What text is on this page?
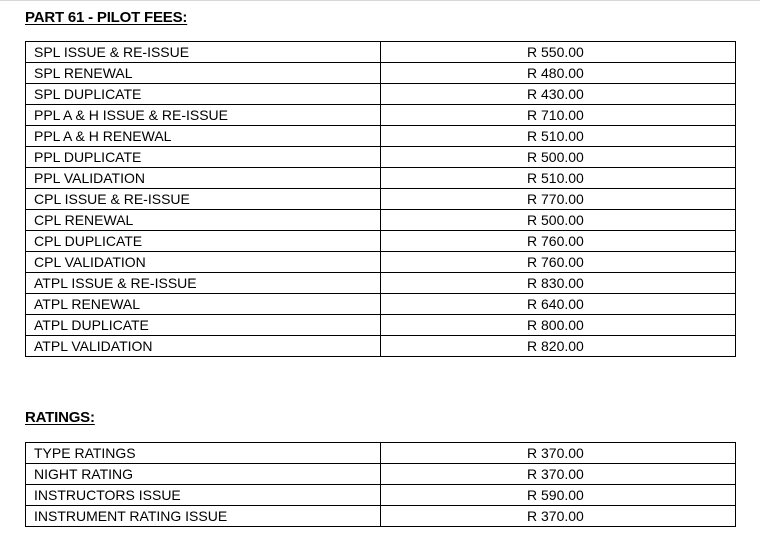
PART 61 - PILOT FEES:
SPL ISSUE & RE-ISSUE	R 550.00
SPL RENEWAL	R 480.00
SPL DUPLICATE	R 430.00
PPL A & H ISSUE & RE-ISSUE	R 710.00
PPL A & H RENEWAL	R 510.00
PPL DUPLICATE	R 500.00
PPL VALIDATION	R 510.00
CPL ISSUE & RE-ISSUE	R 770.00
CPL RENEWAL	R 500.00
CPL DUPLICATE	R 760.00
CPL VALIDATION	R 760.00
ATPL ISSUE & RE-ISSUE	R 830.00
ATPL RENEWAL	R 640.00
ATPL DUPLICATE	R 800.00
ATPL VALIDATION	R 820.00
RATINGS:
TYPE RATINGS	R 370.00
NIGHT RATING	R 370.00
INSTRUCTORS ISSUE	R 590.00
INSTRUMENT RATING ISSUE	R 370.00
